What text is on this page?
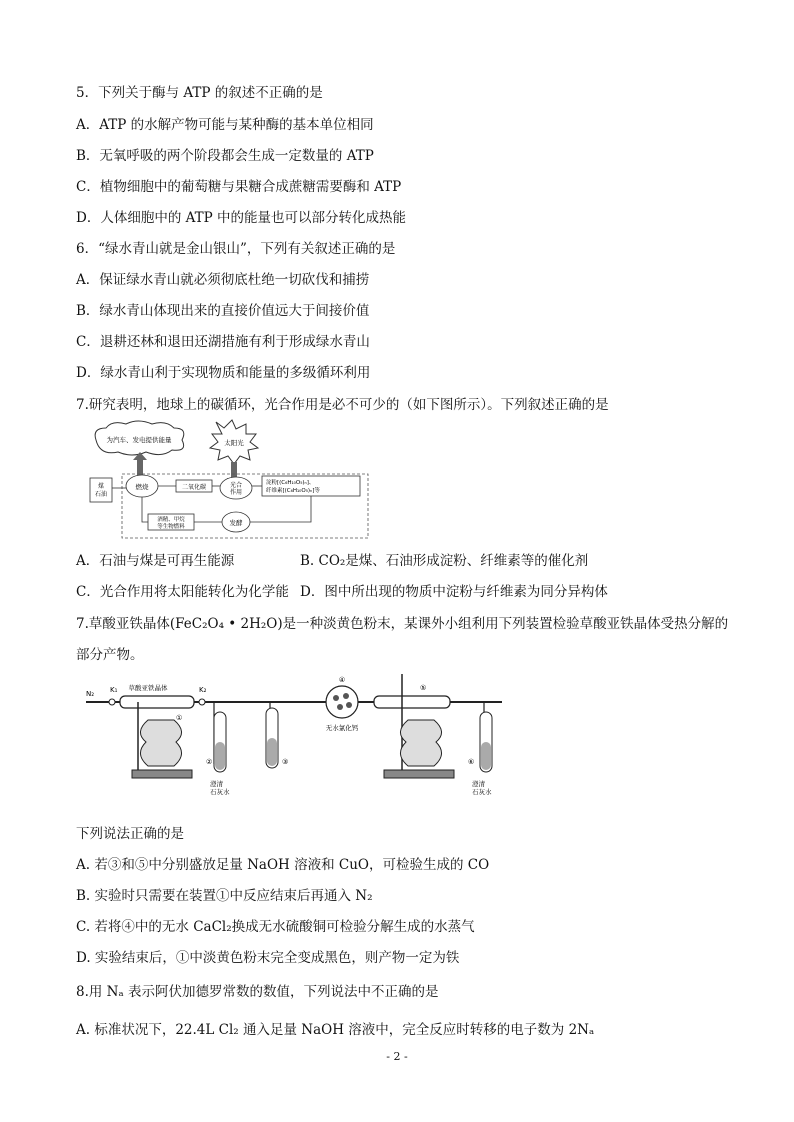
5．下列关于酶与 ATP 的叙述不正确的是
A．ATP 的水解产物可能与某种酶的基本单位相同
B．无氧呼吸的两个阶段都会生成一定数量的 ATP
C．植物细胞中的葡萄糖与果糖合成蔗糖需要酶和 ATP
D．人体细胞中的 ATP 中的能量也可以部分转化成热能
6．“绿水青山就是金山银山”，下列有关叙述正确的是
A．保证绿水青山就必须彻底杜绝一切砍伐和捕捞
B．绿水青山体现出来的直接价值远大于间接价值
C．退耕还林和退田还湖措施有利于形成绿水青山
D．绿水青山利于实现物质和能量的多级循环利用
7.研究表明，地球上的碳循环，光合作用是必不可少的（如下图所示）。下列叙述正确的是
为汽车、发电提供能量	太阳光
煤石油
燃烧	二氧化碳	光合作用
淀粉[(C₆H₁₀O₅)ₙ]、纤维素[(C₆H₁₀O₅)ₙ]等
发酵
酒精、甲烷等生物燃料
A．石油与煤是可再生能源	B. CO₂是煤、石油形成淀粉、纤维素等的催化剂
C．光合作用将太阳能转化为化学能 D．图中所出现的物质中淀粉与纤维素为同分异构体
7.草酸亚铁晶体(FeC₂O₄ • 2H₂O)是一种淡黄色粉末，某课外小组利用下列装置检验草酸亚铁晶体受热分解的
部分产物。
N₂ K₁	K₂
草酸亚铁晶体
①
②
澄清石灰水
③
④
无水氯化钙
⑤
⑥
澄清石灰水
下列说法正确的是
A. 若③和⑤中分别盛放足量 NaOH 溶液和 CuO，可检验生成的 CO
B. 实验时只需要在装置①中反应结束后再通入 N₂
C. 若将④中的无水 CaCl₂换成无水硫酸铜可检验分解生成的水蒸气
D. 实验结束后，①中淡黄色粉末完全变成黑色，则产物一定为铁
8.用 Nₐ 表示阿伏加德罗常数的数值，下列说法中不正确的是
A. 标准状况下，22.4L Cl₂ 通入足量 NaOH 溶液中，完全反应时转移的电子数为 2Nₐ
- 2 -
